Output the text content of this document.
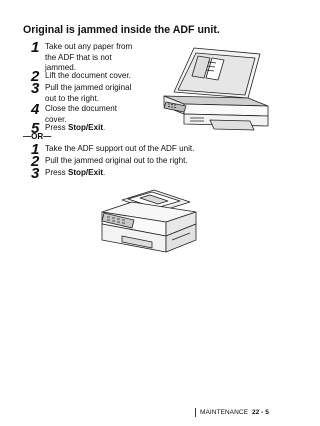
Original is jammed inside the ADF unit.
1 Take out any paper from
the ADF that is not
jammed.
2 Lift the document cover.
3 Pull the jammed original
out to the right.
4 Close the document
cover.
5 Press Stop/Exit.
—OR—
1 Take the ADF support out of the ADF unit.
2 Pull the jammed original out to the right.
3 Press Stop/Exit.
MAINTENANCE 22 - 5
